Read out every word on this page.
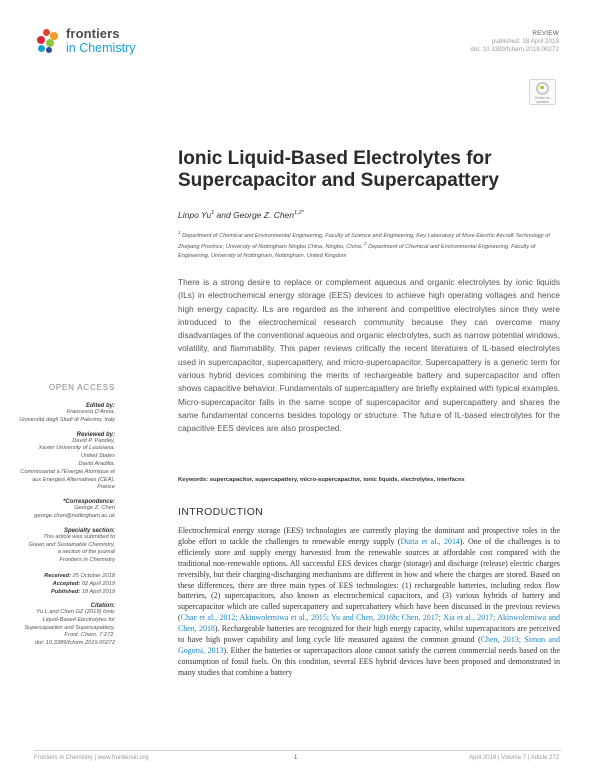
frontiers
in Chemistry
REVIEW
published: 18 April 2019
doi: 10.3389/fchem.2019.00272
Check for
updates
Ionic Liquid-Based Electrolytes for
Supercapacitor and Supercapattery
Linpo Yu$^1$ and George Z. Chen$^{1,2*}$
$^1$ Department of Chemical and Environmental Engineering, Faculty of Science and Engineering, Key Laboratory of More Electric Aircraft Technology of Zhejiang Province, University of Nottingham Ningbo China, Ningbo, China, $^2$ Department of Chemical and Environmental Engineering, Faculty of Engineering, University of Nottingham, Nottingham, United Kingdom
There is a strong desire to replace or complement aqueous and organic electrolytes by ionic liquids (ILs) in electrochemical energy storage (EES) devices to achieve high operating voltages and hence high energy capacity. ILs are regarded as the inherent and competitive electrolytes since they were introduced to the electrochemical research community because they can overcome many disadvantages of the conventional aqueous and organic electrolytes, such as narrow potential windows, volatility, and flammability. This paper reviews critically the recent literatures of IL-based electrolytes used in supercapacitor, supercapattery, and micro-supercapacitor. Supercapattery is a generic term for various hybrid devices combining the merits of rechargeable battery and supercapacitor and often shows capacitive behavior. Fundamentals of supercapattery are briefly explained with typical examples. Micro-supercapacitor falls in the same scope of supercapacitor and supercapattery and shares the same fundamental concerns besides topology or structure. The future of IL-based electrolytes for the capacitive EES devices are also prospected.
Keywords: supercapacitor, supercapattery, micro-supercapacitor, ionic liquids, electrolytes, interfaces
INTRODUCTION
Electrochemical energy storage (EES) technologies are currently playing the dominant and prospective roles in the globe effort to tackle the challenges to renewable energy supply (Dutta et al., 2014). One of the challenges is to efficiently store and supply energy harvested from the renewable sources at affordable cost compared with the traditional non-renewable options. All successful EES devices charge (storage) and discharge (release) electric charges reversibly, but their charging-discharging mechanisms are different in how and where the charges are stored. Based on these differences, there are three main types of EES technologies: (1) rechargeable batteries, including redox flow batteries, (2) supercapacitors, also known as electrochemical capacitors, and (3) various hybrids of battery and supercapacitor which are called supercapattery and supercabattery which have been discussed in the previous reviews (Chae et al., 2012; Akinwolemiwa et al., 2015; Yu and Chen, 2016b; Chen, 2017; Xia et al., 2017; Akinwolemiwa and Chen, 2018). Rechargeable batteries are recognized for their high energy capacity, whilst supercapacitors are perceived to have high power capability and long cycle life measured against the common ground (Chen, 2013; Simon and Gogotsi, 2013). Either the batteries or supercapacitors alone cannot satisfy the current commercial needs based on the consumption of fossil fuels. On this condition, several EES hybrid devices have been proposed and demonstrated in many studies that combine a battery
OPEN ACCESS
Edited by:
Francesco D'Anna,
Università degli Studi di Palermo, Italy
Reviewed by:
David P. Pandey,
Xavier University of Louisiana,
United States
David Aradilla,
Commissariat à l'Energie Atomique et
aux Energies Alternatives (CEA),
France
*Correspondence:
George Z. Chen
george.chen@nottingham.ac.uk
Specialty section:
This article was submitted to
Green and Sustainable Chemistry,
a section of the journal
Frontiers in Chemistry
Received: 25 October 2018
Accepted: 02 April 2019
Published: 18 April 2019
Citation:
Yu L and Chen GZ (2019) Ionic
Liquid-Based Electrolytes for
Supercapacitor and Supercapattery.
Front. Chem. 7:272.
doi: 10.3389/fchem.2019.00272
Frontiers in Chemistry | www.frontiersin.org	1	April 2019 | Volume 7 | Article 272
